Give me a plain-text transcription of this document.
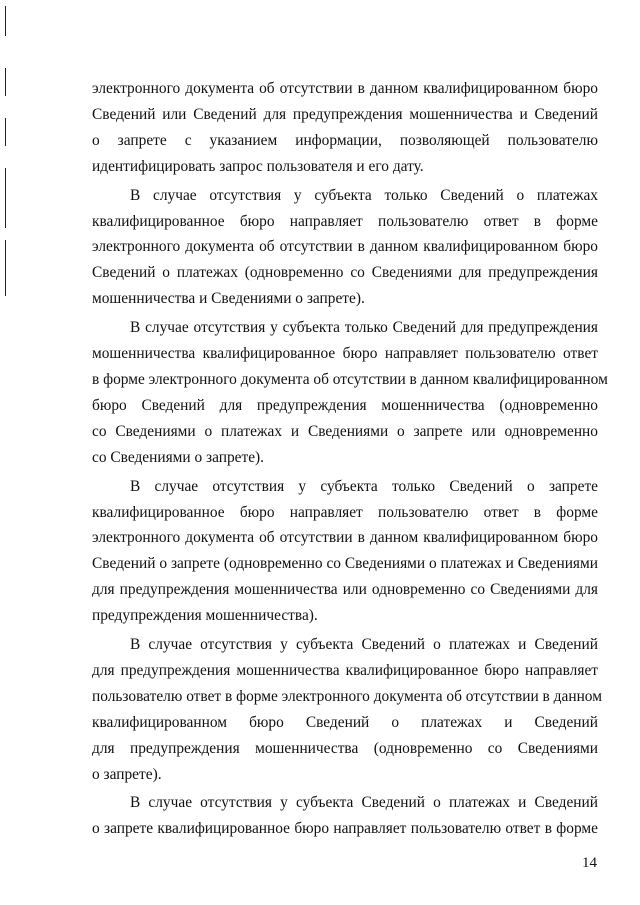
электронного документа об отсутствии в данном квалифицированном бюро
Сведений или Сведений для предупреждения мошенничества и Сведений
о запрете с указанием информации, позволяющей пользователю
идентифицировать запрос пользователя и его дату.
В случае отсутствия у субъекта только Сведений о платежах
квалифицированное бюро направляет пользователю ответ в форме
электронного документа об отсутствии в данном квалифицированном бюро
Сведений о платежах (одновременно со Сведениями для предупреждения
мошенничества и Сведениями о запрете).
В случае отсутствия у субъекта только Сведений для предупреждения
мошенничества квалифицированное бюро направляет пользователю ответ
в форме электронного документа об отсутствии в данном квалифицированном
бюро Сведений для предупреждения мошенничества (одновременно
со Сведениями о платежах и Сведениями о запрете или одновременно
со Сведениями о запрете).
В случае отсутствия у субъекта только Сведений о запрете
квалифицированное бюро направляет пользователю ответ в форме
электронного документа об отсутствии в данном квалифицированном бюро
Сведений о запрете (одновременно со Сведениями о платежах и Сведениями
для предупреждения мошенничества или одновременно со Сведениями для
предупреждения мошенничества).
В случае отсутствия у субъекта Сведений о платежах и Сведений
для предупреждения мошенничества квалифицированное бюро направляет
пользователю ответ в форме электронного документа об отсутствии в данном
квалифицированном бюро Сведений о платежах и Сведений
для предупреждения мошенничества (одновременно со Сведениями
о запрете).
В случае отсутствия у субъекта Сведений о платежах и Сведений
о запрете квалифицированное бюро направляет пользователю ответ в форме
14
